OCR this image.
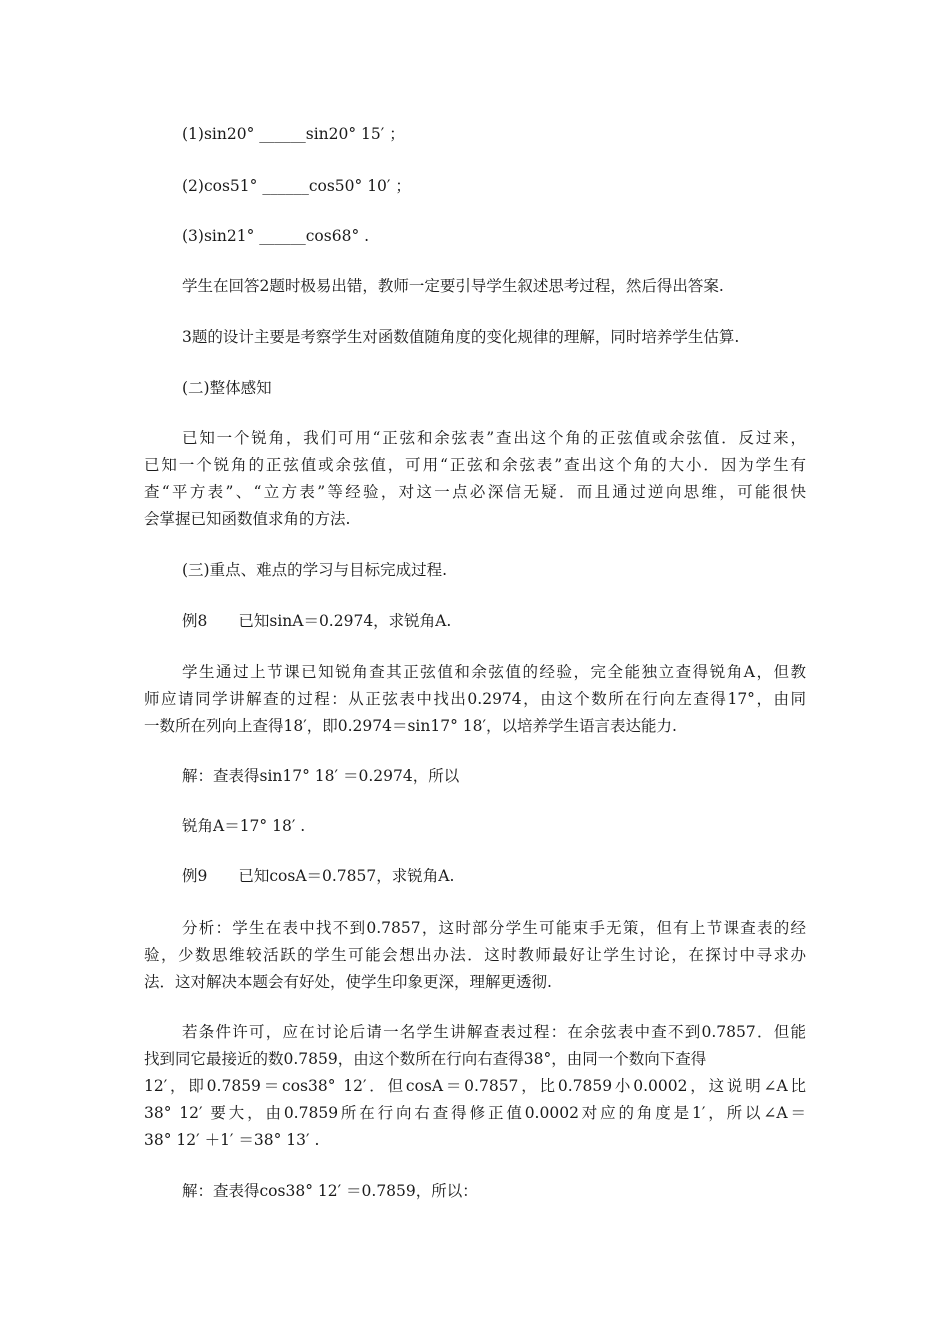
(1)sin20° ______sin20° 15′ ；
(2)cos51° ______cos50° 10′ ；
(3)sin21° ______cos68° .
学生在回答2题时极易出错，教师一定要引导学生叙述思考过程，然后得出答案.
3题的设计主要是考察学生对函数值随角度的变化规律的理解，同时培养学生估算.
(二)整体感知
已知一个锐角，我们可用“正弦和余弦表”查出这个角的正弦值或余弦值．反过来，
已知一个锐角的正弦值或余弦值，可用“正弦和余弦表”查出这个角的大小．因为学生有
查“平方表”、“立方表”等经验，对这一点必深信无疑．而且通过逆向思维，可能很快
会掌握已知函数值求角的方法.
(三)重点、难点的学习与目标完成过程.
例8　　已知sinA＝0.2974，求锐角A.
学生通过上节课已知锐角查其正弦值和余弦值的经验，完全能独立查得锐角A，但教
师应请同学讲解查的过程：从正弦表中找出0.2974，由这个数所在行向左查得17°，由同
一数所在列向上查得18′，即0.2974＝sin17° 18′，以培养学生语言表达能力.
解：查表得sin17° 18′ ＝0.2974，所以
锐角A＝17° 18′ .
例9　　已知cosA＝0.7857，求锐角A.
分析：学生在表中找不到0.7857，这时部分学生可能束手无策，但有上节课查表的经
验，少数思维较活跃的学生可能会想出办法．这时教师最好让学生讨论，在探讨中寻求办
法．这对解决本题会有好处，使学生印象更深，理解更透彻.
若条件许可，应在讨论后请一名学生讲解查表过程：在余弦表中查不到0.7857．但能
找到同它最接近的数0.7859，由这个数所在行向右查得38°，由同一个数向下查得
12′，即0.7859＝cos38° 12′．但cosA＝0.7857，比0.7859小0.0002，这说明∠A比
38° 12′ 要大，由0.7859所在行向右查得修正值0.0002对应的角度是1′，所以∠A＝
38° 12′ ＋1′ ＝38° 13′ .
解：查表得cos38° 12′ ＝0.7859，所以：
